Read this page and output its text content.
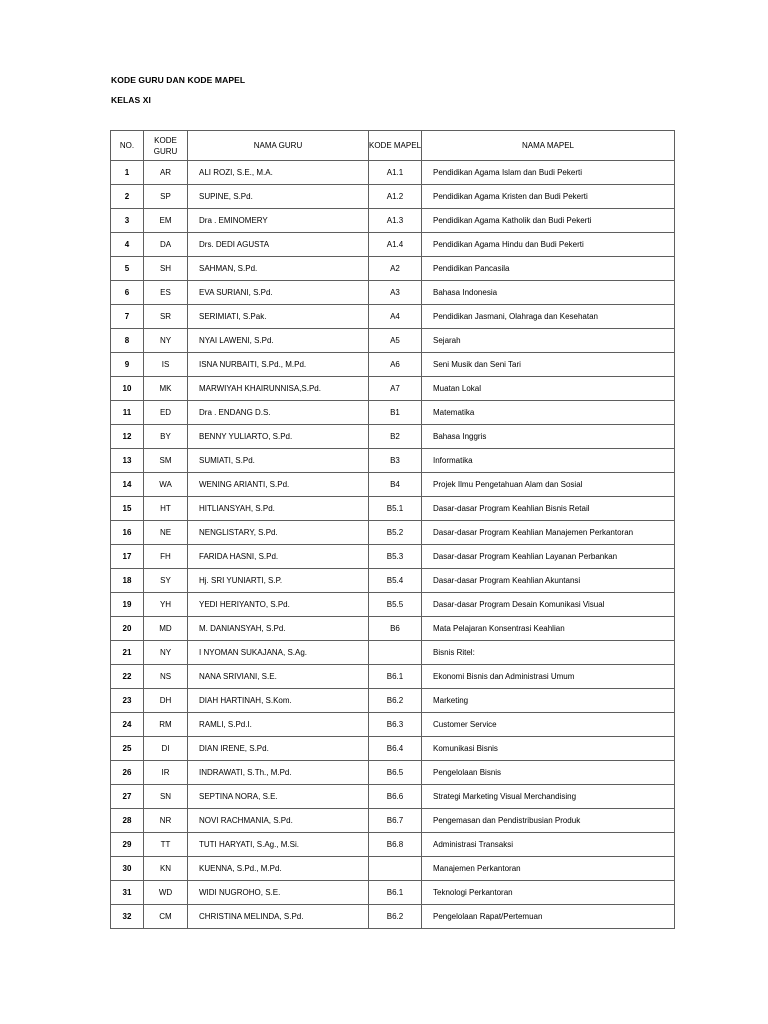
KODE GURU DAN KODE MAPEL
KELAS XI
NO.	KODE GURU	NAMA GURU	KODE MAPEL	NAMA MAPEL
1	AR	ALI ROZI, S.E., M.A.	A1.1	Pendidikan Agama Islam dan Budi Pekerti
2	SP	SUPINE, S.Pd.	A1.2	Pendidikan Agama Kristen dan Budi Pekerti
3	EM	Dra . EMINOMERY	A1.3	Pendidikan Agama Katholik dan Budi Pekerti
4	DA	Drs. DEDI AGUSTA	A1.4	Pendidikan Agama Hindu dan Budi Pekerti
5	SH	SAHMAN, S.Pd.	A2	Pendidikan Pancasila
6	ES	EVA SURIANI, S.Pd.	A3	Bahasa Indonesia
7	SR	SERIMIATI, S.Pak.	A4	Pendidikan Jasmani, Olahraga dan Kesehatan
8	NY	NYAI LAWENI, S.Pd.	A5	Sejarah
9	IS	ISNA NURBAITI, S.Pd., M.Pd.	A6	Seni Musik dan Seni Tari
10	MK	MARWIYAH KHAIRUNNISA,S.Pd.	A7	Muatan Lokal
11	ED	Dra . ENDANG D.S.	B1	Matematika
12	BY	BENNY YULIARTO, S.Pd.	B2	Bahasa Inggris
13	SM	SUMIATI, S.Pd.	B3	Informatika
14	WA	WENING ARIANTI, S.Pd.	B4	Projek Ilmu Pengetahuan Alam dan Sosial
15	HT	HITLIANSYAH, S.Pd.	B5.1	Dasar-dasar Program Keahlian Bisnis Retail
16	NE	NENGLISTARY, S.Pd.	B5.2	Dasar-dasar Program Keahlian Manajemen Perkantoran
17	FH	FARIDA HASNI, S.Pd.	B5.3	Dasar-dasar Program Keahlian Layanan Perbankan
18	SY	Hj. SRI YUNIARTI, S.P.	B5.4	Dasar-dasar Program Keahlian Akuntansi
19	YH	YEDI HERIYANTO, S.Pd.	B5.5	Dasar-dasar Program Desain Komunikasi Visual
20	MD	M. DANIANSYAH, S.Pd.	B6	Mata Pelajaran Konsentrasi Keahlian
21	NY	I NYOMAN SUKAJANA, S.Ag.		Bisnis Ritel:
22	NS	NANA SRIVIANI, S.E.	B6.1	Ekonomi Bisnis dan Administrasi Umum
23	DH	DIAH HARTINAH, S.Kom.	B6.2	Marketing
24	RM	RAMLI, S.Pd.I.	B6.3	Customer Service
25	DI	DIAN IRENE, S.Pd.	B6.4	Komunikasi Bisnis
26	IR	INDRAWATI, S.Th., M.Pd.	B6.5	Pengelolaan Bisnis
27	SN	SEPTINA NORA, S.E.	B6.6	Strategi Marketing Visual Merchandising
28	NR	NOVI RACHMANIA, S.Pd.	B6.7	Pengemasan dan Pendistribusian Produk
29	TT	TUTI HARYATI, S.Ag., M.Si.	B6.8	Administrasi Transaksi
30	KN	KUENNA, S.Pd., M.Pd.		Manajemen Perkantoran
31	WD	WIDI NUGROHO, S.E.	B6.1	Teknologi Perkantoran
32	CM	CHRISTINA MELINDA, S.Pd.	B6.2	Pengelolaan Rapat/Pertemuan
